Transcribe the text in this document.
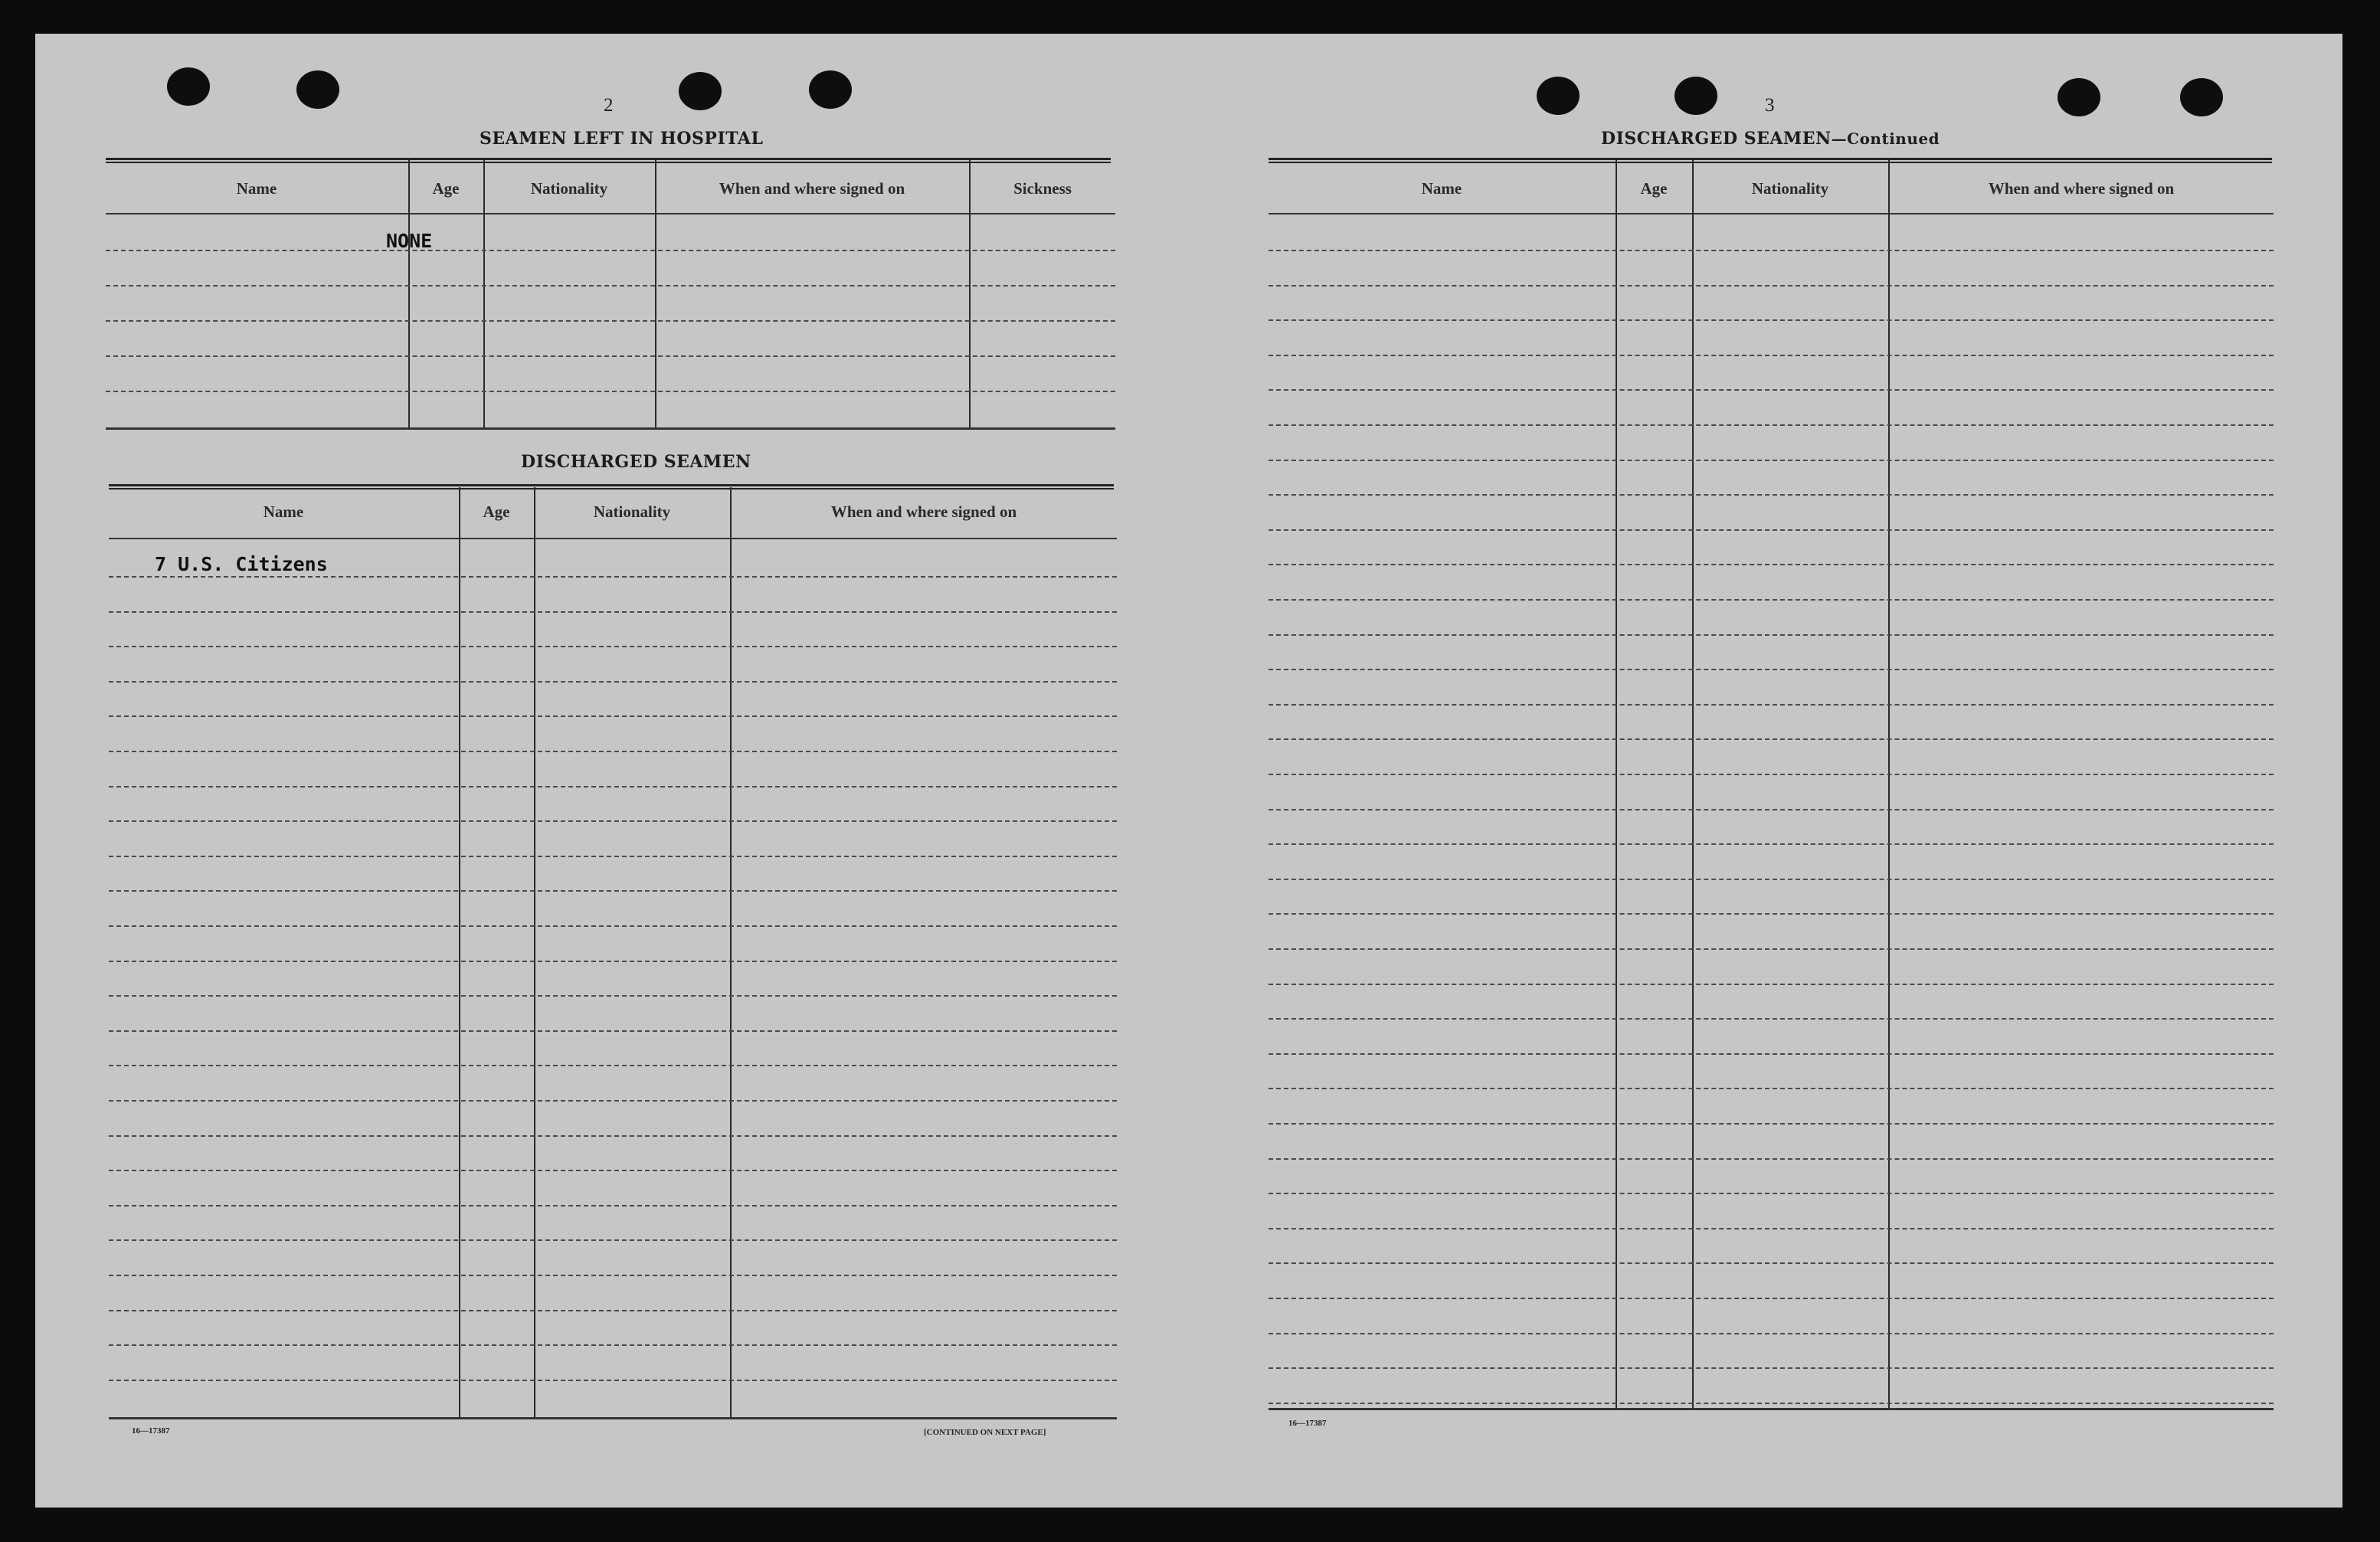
2
SEAMEN LEFT IN HOSPITAL
Name	Age	Nationality	When and where signed on	Sickness
NONE
DISCHARGED SEAMEN
Name	Age	Nationality	When and where signed on
7 U.S. Citizens
16—17387	[CONTINUED ON NEXT PAGE]
3
DISCHARGED SEAMEN—Continued
Name	Age	Nationality	When and where signed on
16—17387
